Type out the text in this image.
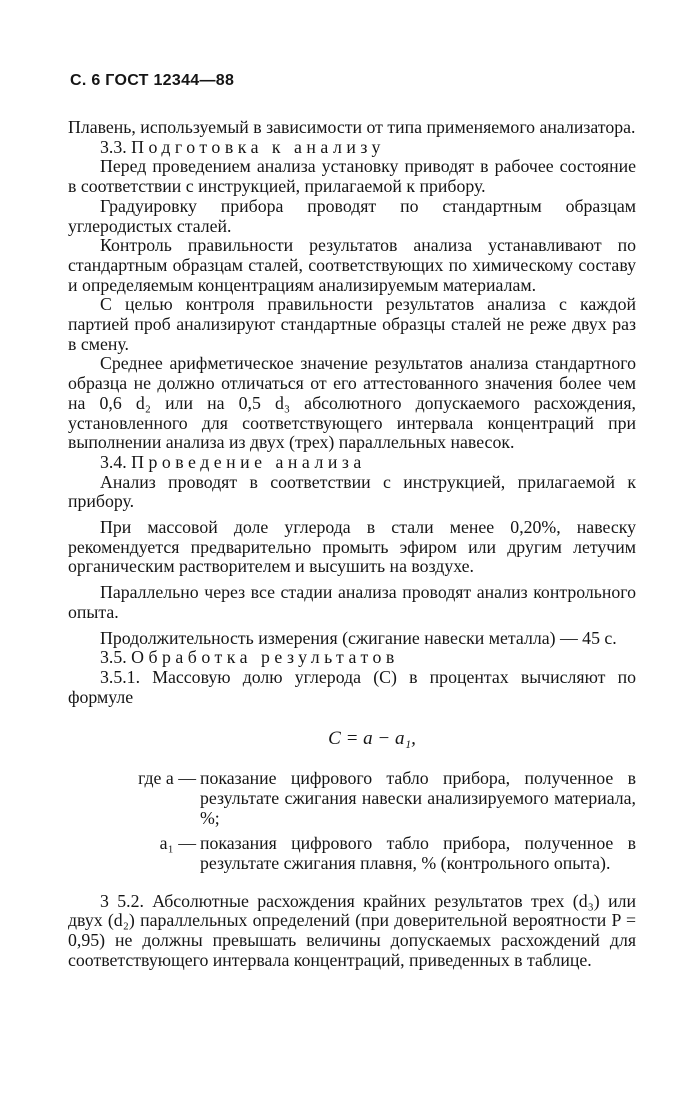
С. 6 ГОСТ 12344—88

Плавень, используемый в зависимости от типа применяемого анализатора.

3.3. Подготовка к анализу

Перед проведением анализа установку приводят в рабочее состояние в соответствии с инструкцией, прилагаемой к прибору.

Градуировку прибора проводят по стандартным образцам углеродистых сталей.

Контроль правильности результатов анализа устанавливают по стандартным образцам сталей, соответствующих по химическому составу и определяемым концентрациям анализируемым материалам.

С целью контроля правильности результатов анализа с каждой партией проб анализируют стандартные образцы сталей не реже двух раз в смену.

Среднее арифметическое значение результатов анализа стандартного образца не должно отличаться от его аттестованного значения более чем на 0,6 d₂ или на 0,5 d₃ абсолютного допускаемого расхождения, установленного для соответствующего интервала концентраций при выполнении анализа из двух (трех) параллельных навесок.

3.4. Проведение анализа

Анализ проводят в соответствии с инструкцией, прилагаемой к прибору.

При массовой доле углерода в стали менее 0,20%, навеску рекомендуется предварительно промыть эфиром или другим летучим органическим растворителем и высушить на воздухе.

Параллельно через все стадии анализа проводят анализ контрольного опыта.

Продолжительность измерения (сжигание навески металла) — 45 с.

3.5. Обработка результатов

3.5.1. Массовую долю углерода (C) в процентах вычисляют по формуле

C = a − a₁,
где a — показание цифрового табло прибора, полученное в результате сжигания навески анализируемого материала, %;
a₁ — показания цифрового табло прибора, полученное в результате сжигания плавня, % (контрольного опыта).

3 5.2. Абсолютные расхождения крайних результатов трех (d₃) или двух (d₂) параллельных определений (при доверительной вероятности P = 0,95) не должны превышать величины допускаемых расхождений для соответствующего интервала концентраций, приведенных в таблице.
